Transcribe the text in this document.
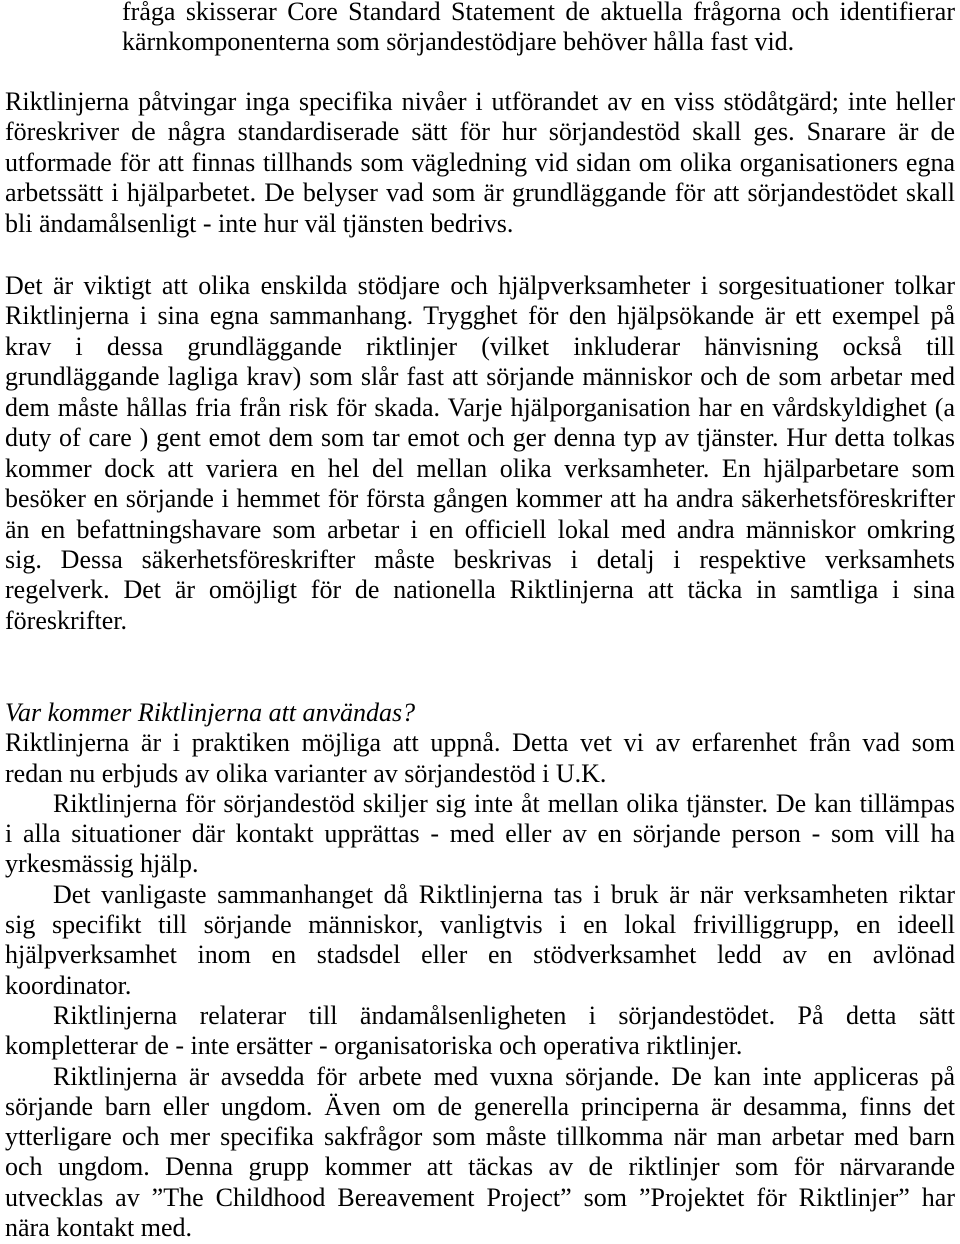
fråga skisserar Core Standard Statement de aktuella frågorna och identifierar
kärnkomponenterna som sörjandestödjare behöver hålla fast vid.
Riktlinjerna påtvingar inga specifika nivåer i utförandet av en viss stödåtgärd; inte heller
föreskriver de några standardiserade sätt för hur sörjandestöd skall ges. Snarare är de
utformade för att finnas tillhands som vägledning vid sidan om olika organisationers egna
arbetssätt i hjälparbetet. De belyser vad som är grundläggande för att sörjandestödet skall
bli ändamålsenligt - inte hur väl tjänsten bedrivs.
Det är viktigt att olika enskilda stödjare och hjälpverksamheter i sorgesituationer tolkar
Riktlinjerna i sina egna sammanhang. Trygghet för den hjälpsökande är ett exempel på
krav i dessa grundläggande riktlinjer (vilket inkluderar hänvisning också till
grundläggande lagliga krav) som slår fast att sörjande människor och de som arbetar med
dem måste hållas fria från risk för skada. Varje hjälporganisation har en vårdskyldighet (a
duty of care ) gent emot dem som tar emot och ger denna typ av tjänster. Hur detta tolkas
kommer dock att variera en hel del mellan olika verksamheter. En hjälparbetare som
besöker en sörjande i hemmet för första gången kommer att ha andra säkerhetsföreskrifter
än en befattningshavare som arbetar i en officiell lokal med andra människor omkring
sig. Dessa säkerhetsföreskrifter måste beskrivas i detalj i respektive verksamhets
regelverk. Det är omöjligt för de nationella Riktlinjerna att täcka in samtliga i sina
föreskrifter.
Var kommer Riktlinjerna att användas?
Riktlinjerna är i praktiken möjliga att uppnå. Detta vet vi av erfarenhet från vad som
redan nu erbjuds av olika varianter av sörjandestöd i U.K.
Riktlinjerna för sörjandestöd skiljer sig inte åt mellan olika tjänster. De kan tillämpas
i alla situationer där kontakt upprättas - med eller av en sörjande person - som vill ha
yrkesmässig hjälp.
Det vanligaste sammanhanget då Riktlinjerna tas i bruk är när verksamheten riktar
sig specifikt till sörjande människor, vanligtvis i en lokal frivilliggrupp, en ideell
hjälpverksamhet inom en stadsdel eller en stödverksamhet ledd av en avlönad
koordinator.
Riktlinjerna relaterar till ändamålsenligheten i sörjandestödet. På detta sätt
kompletterar de - inte ersätter - organisatoriska och operativa riktlinjer.
Riktlinjerna är avsedda för arbete med vuxna sörjande. De kan inte appliceras på
sörjande barn eller ungdom. Även om de generella principerna är desamma, finns det
ytterligare och mer specifika sakfrågor som måste tillkomma när man arbetar med barn
och ungdom. Denna grupp kommer att täckas av de riktlinjer som för närvarande
utvecklas av ”The Childhood Bereavement Project” som ”Projektet för Riktlinjer” har
nära kontakt med.
